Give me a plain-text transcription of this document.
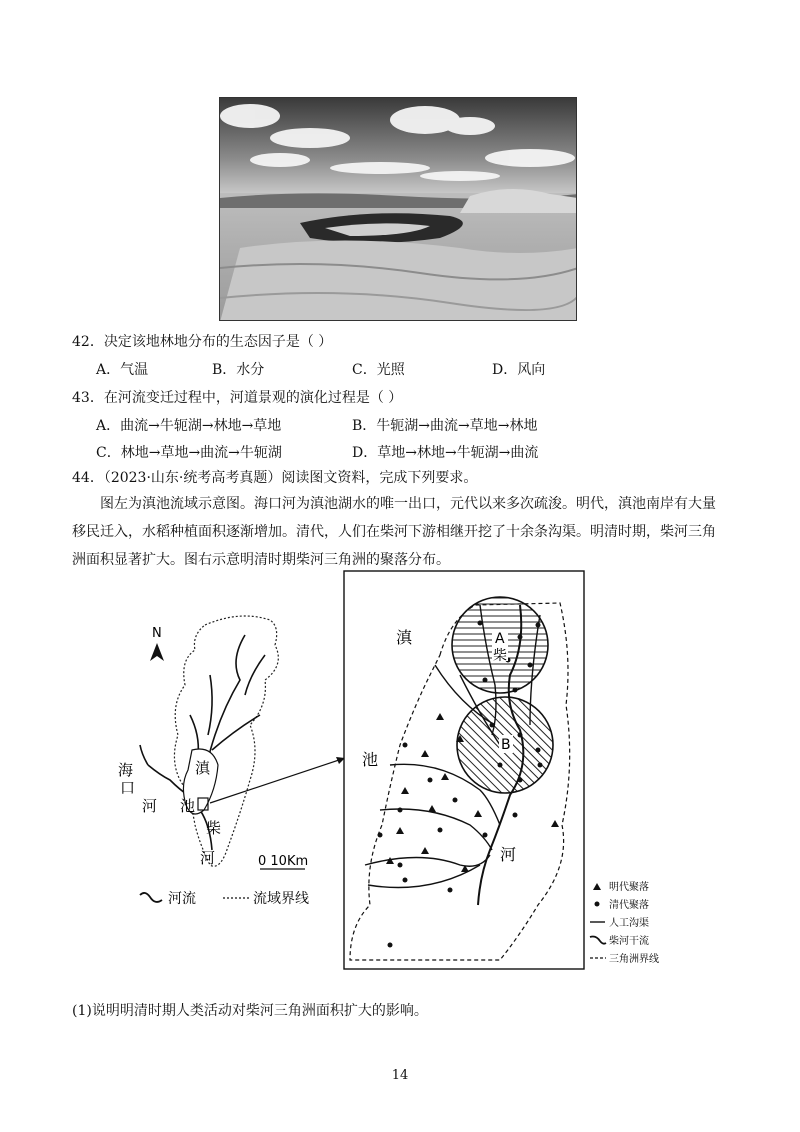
42．决定该地林地分布的生态因子是（ ）
A．气温	B．水分	C．光照	D．风向
43．在河流变迁过程中，河道景观的演化过程是（ ）
A．曲流→牛轭湖→林地→草地	B．牛轭湖→曲流→草地→林地
C．林地→草地→曲流→牛轭湖	D．草地→林地→牛轭湖→曲流
44．（2023·山东·统考高考真题）阅读图文资料，完成下列要求。
图左为滇池流域示意图。海口河为滇池湖水的唯一出口，元代以来多次疏浚。明代，滇池南岸有大量移民迁入，水稻种植面积逐渐增加。清代，人们在柴河下游相继开挖了十余条沟渠。明清时期，柴河三角洲面积显著扩大。图右示意明清时期柴河三角洲的聚落分布。
N
滇
池
海
口
河
柴
河	0 10Km
河流	流域界线
滇
池
河
A
柴
B
明代聚落
清代聚落
人工沟渠
柴河干流
三角洲界线
(1)说明明清时期人类活动对柴河三角洲面积扩大的影响。
14
